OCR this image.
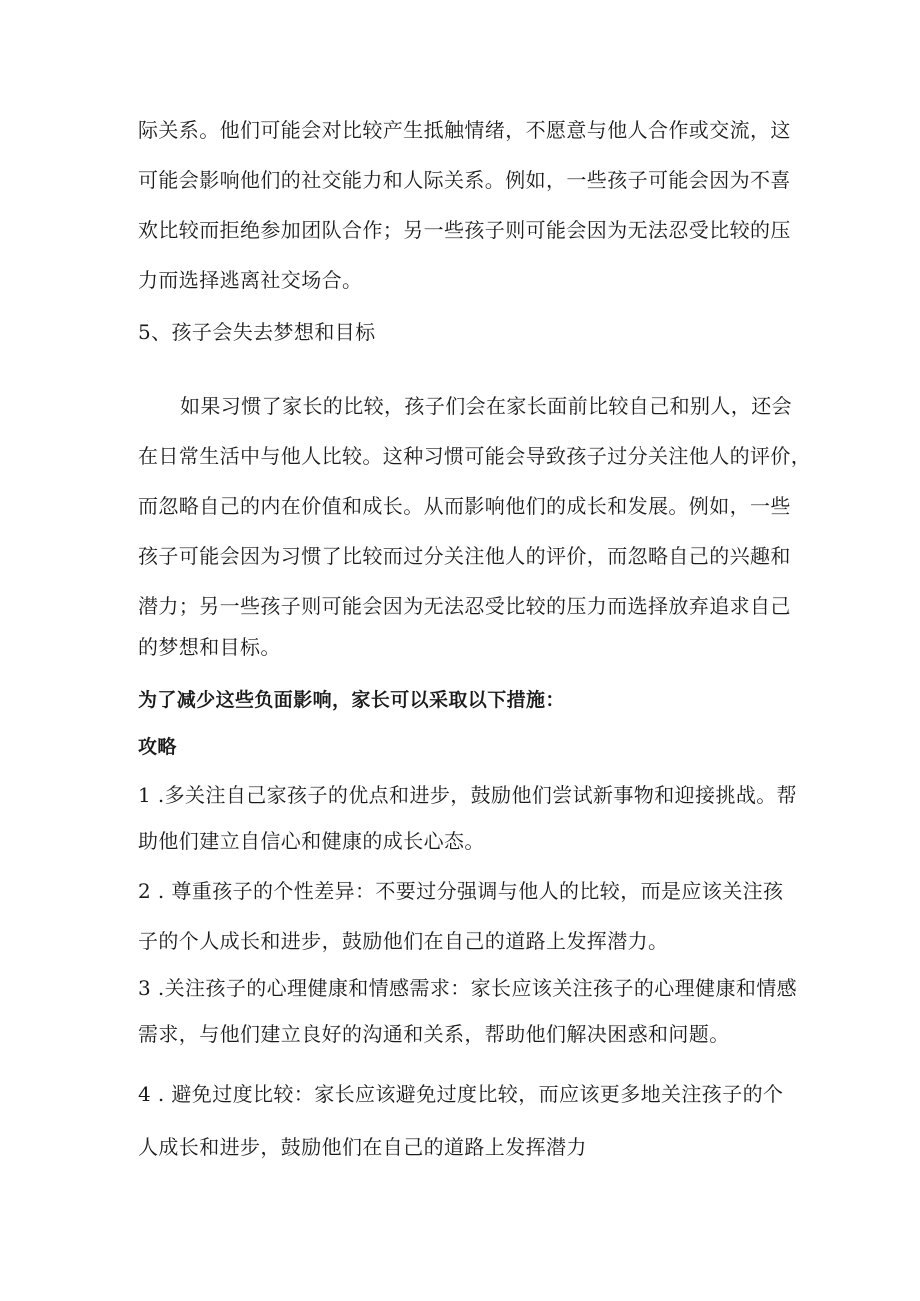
际关系。他们可能会对比较产生抵触情绪，不愿意与他人合作或交流，这
可能会影响他们的社交能力和人际关系。例如，一些孩子可能会因为不喜
欢比较而拒绝参加团队合作；另一些孩子则可能会因为无法忍受比较的压
力而选择逃离社交场合。
5、孩子会失去梦想和目标
如果习惯了家长的比较，孩子们会在家长面前比较自己和别人，还会
在日常生活中与他人比较。这种习惯可能会导致孩子过分关注他人的评价，
而忽略自己的内在价值和成长。从而影响他们的成长和发展。例如，一些
孩子可能会因为习惯了比较而过分关注他人的评价，而忽略自己的兴趣和
潜力；另一些孩子则可能会因为无法忍受比较的压力而选择放弃追求自己
的梦想和目标。
为了减少这些负面影响，家长可以采取以下措施：
攻略
1 .多关注自己家孩子的优点和进步，鼓励他们尝试新事物和迎接挑战。帮
助他们建立自信心和健康的成长心态。
2 . 尊重孩子的个性差异：不要过分强调与他人的比较，而是应该关注孩
子的个人成长和进步，鼓励他们在自己的道路上发挥潜力。
3 .关注孩子的心理健康和情感需求：家长应该关注孩子的心理健康和情感
需求，与他们建立良好的沟通和关系，帮助他们解决困惑和问题。
4 . 避免过度比较：家长应该避免过度比较，而应该更多地关注孩子的个
人成长和进步，鼓励他们在自己的道路上发挥潜力
